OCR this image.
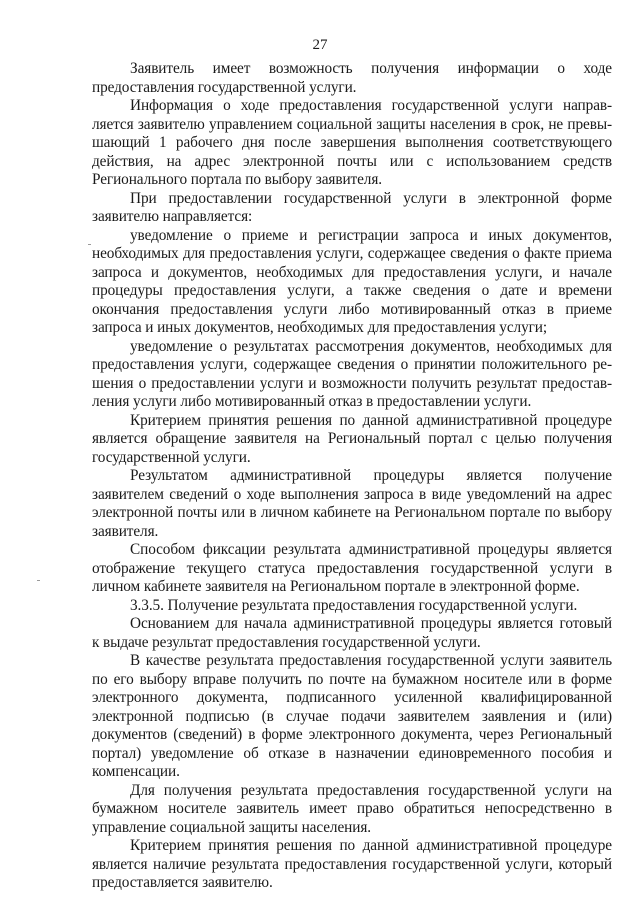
27

Заявитель имеет возможность получения информации о ходе
предоставления государственной услуги.

Информация о ходе предоставления государственной услуги направ-
ляется заявителю управлением социальной защиты населения в срок, не превы-
шающий 1 рабочего дня после завершения выполнения соответствующего
действия, на адрес электронной почты или с использованием средств
Регионального портала по выбору заявителя.

При предоставлении государственной услуги в электронной форме
заявителю направляется:

уведомление о приеме и регистрации запроса и иных документов,
необходимых для предоставления услуги, содержащее сведения о факте приема
запроса и документов, необходимых для предоставления услуги, и начале
процедуры предоставления услуги, а также сведения о дате и времени
окончания предоставления услуги либо мотивированный отказ в приеме
запроса и иных документов, необходимых для предоставления услуги;

уведомление о результатах рассмотрения документов, необходимых для
предоставления услуги, содержащее сведения о принятии положительного ре-
шения о предоставлении услуги и возможности получить результат предостав-
ления услуги либо мотивированный отказ в предоставлении услуги.

Критерием принятия решения по данной административной процедуре
является обращение заявителя на Региональный портал с целью получения
государственной услуги.

Результатом административной процедуры является получение
заявителем сведений о ходе выполнения запроса в виде уведомлений на адрес
электронной почты или в личном кабинете на Региональном портале по выбору
заявителя.

Способом фиксации результата административной процедуры является
отображение текущего статуса предоставления государственной услуги в
личном кабинете заявителя на Региональном портале в электронной форме.

3.3.5. Получение результата предоставления государственной услуги.

Основанием для начала административной процедуры является готовый
к выдаче результат предоставления государственной услуги.

В качестве результата предоставления государственной услуги заявитель
по его выбору вправе получить по почте на бумажном носителе или в форме
электронного документа, подписанного усиленной квалифицированной
электронной подписью (в случае подачи заявителем заявления и (или)
документов (сведений) в форме электронного документа, через Региональный
портал) уведомление об отказе в назначении единовременного пособия и
компенсации.

Для получения результата предоставления государственной услуги на
бумажном носителе заявитель имеет право обратиться непосредственно в
управление социальной защиты населения.

Критерием принятия решения по данной административной процедуре
является наличие результата предоставления государственной услуги, который
предоставляется заявителю.
